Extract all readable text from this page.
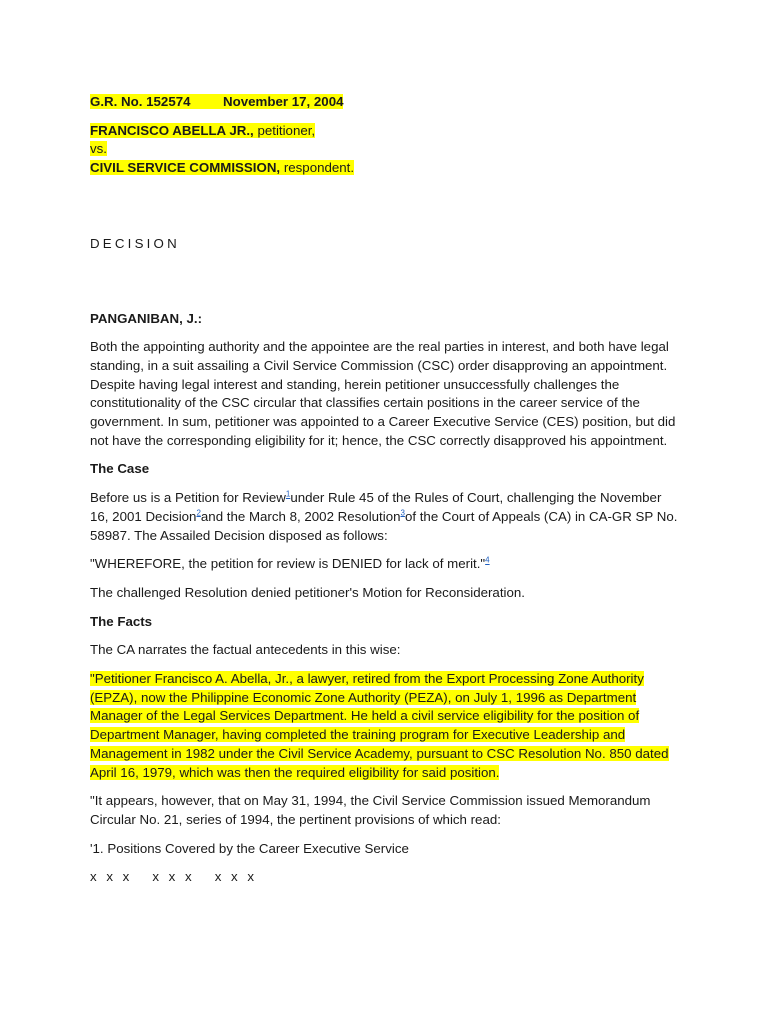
G.R. No. 152574 November 17, 2004
FRANCISCO ABELLA JR., petitioner,
vs.
CIVIL SERVICE COMMISSION, respondent.

DECISION

PANGANIBAN, J.:

Both the appointing authority and the appointee are the real parties in interest, and both have legal standing, in a suit assailing a Civil Service Commission (CSC) order disapproving an appointment. Despite having legal interest and standing, herein petitioner unsuccessfully challenges the constitutionality of the CSC circular that classifies certain positions in the career service of the government. In sum, petitioner was appointed to a Career Executive Service (CES) position, but did not have the corresponding eligibility for it; hence, the CSC correctly disapproved his appointment.

The Case

Before us is a Petition for Review$^1$under Rule 45 of the Rules of Court, challenging the November 16, 2001 Decision$^2$and the March 8, 2002 Resolution$^3$of the Court of Appeals (CA) in CA-GR SP No. 58987. The Assailed Decision disposed as follows:

"WHEREFORE, the petition for review is DENIED for lack of merit."$^4$

The challenged Resolution denied petitioner's Motion for Reconsideration.

The Facts

The CA narrates the factual antecedents in this wise:

"Petitioner Francisco A. Abella, Jr., a lawyer, retired from the Export Processing Zone Authority (EPZA), now the Philippine Economic Zone Authority (PEZA), on July 1, 1996 as Department Manager of the Legal Services Department. He held a civil service eligibility for the position of Department Manager, having completed the training program for Executive Leadership and Management in 1982 under the Civil Service Academy, pursuant to CSC Resolution No. 850 dated April 16, 1979, which was then the required eligibility for said position.

"It appears, however, that on May 31, 1994, the Civil Service Commission issued Memorandum Circular No. 21, series of 1994, the pertinent provisions of which read:

'1. Positions Covered by the Career Executive Service

x x x x x x x x x
